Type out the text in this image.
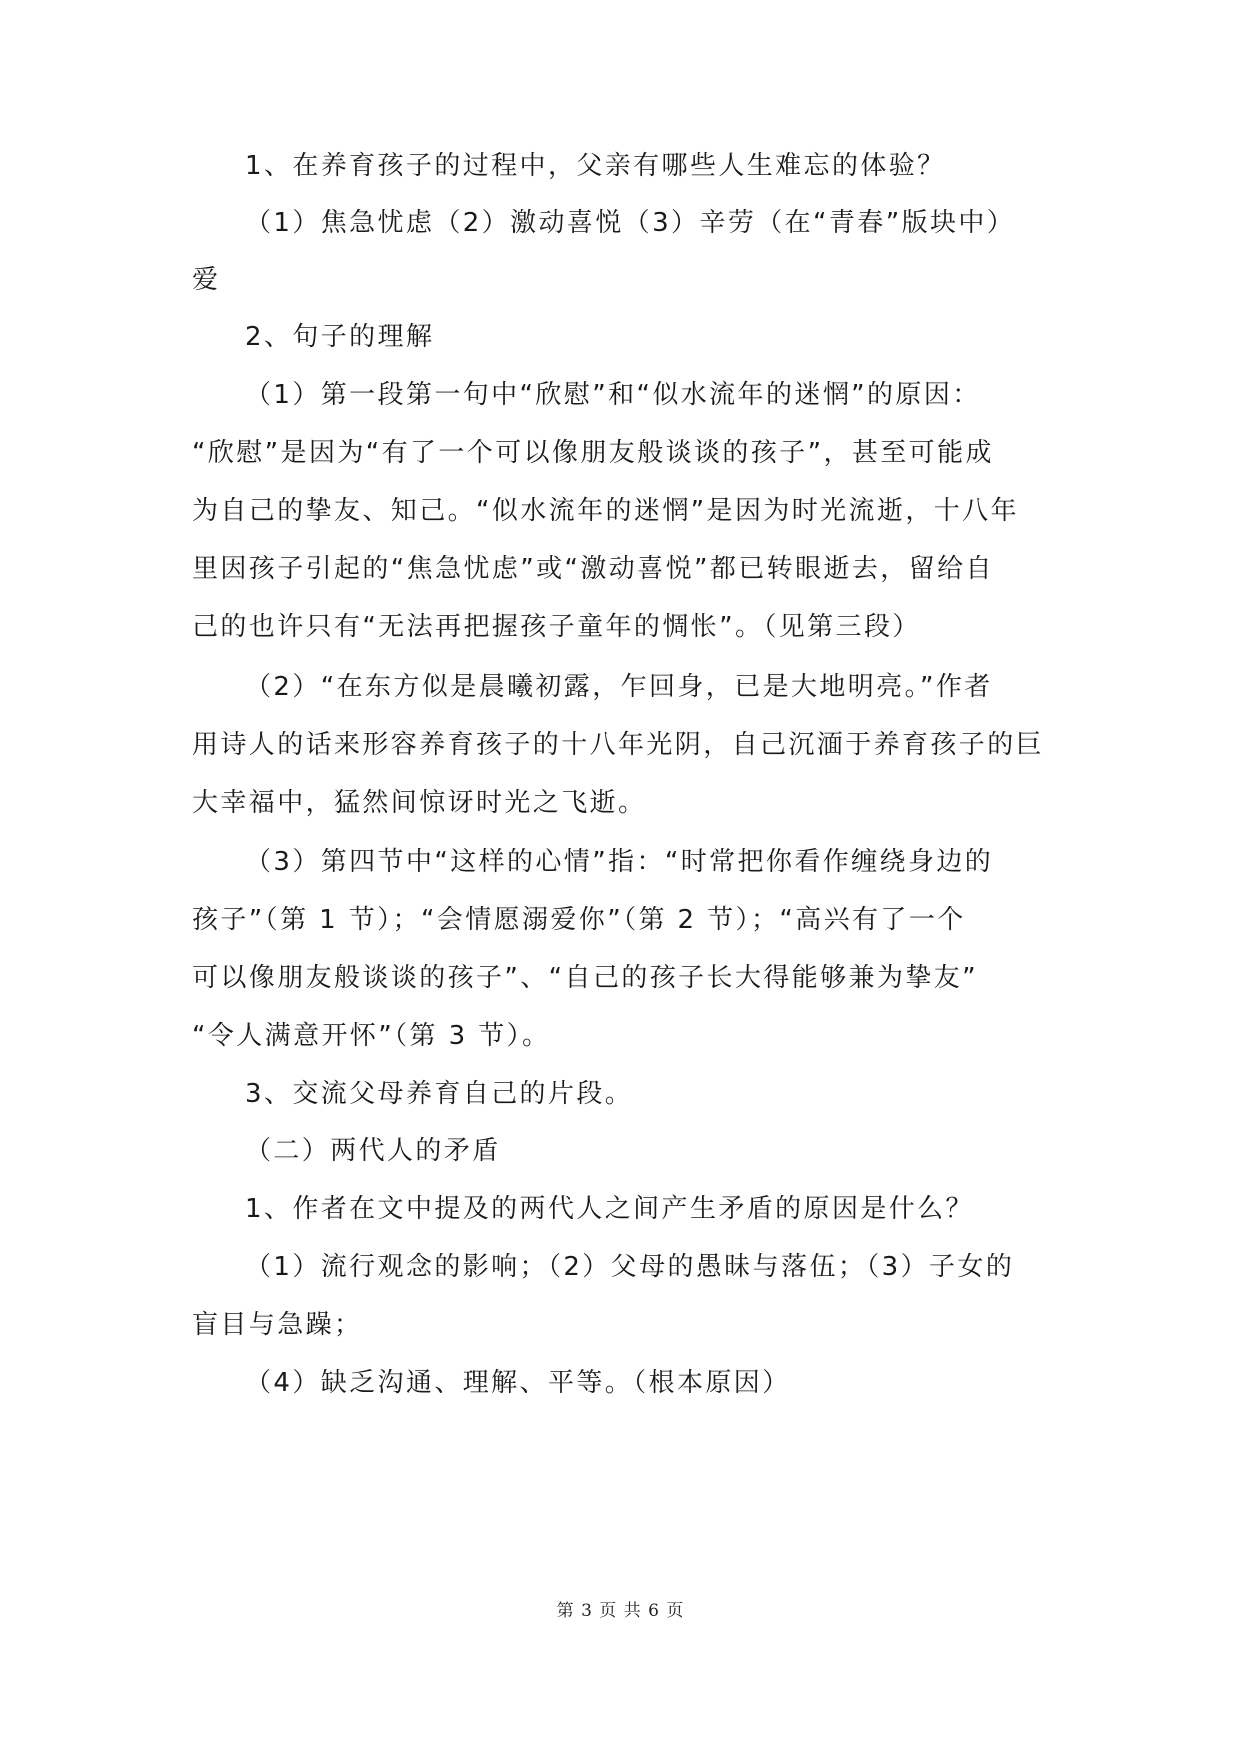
1、在养育孩子的过程中，父亲有哪些人生难忘的体验？
（1）焦急忧虑（2）激动喜悦（3）辛劳（在“青春”版块中）
爱
2、句子的理解
（1）第一段第一句中“欣慰”和“似水流年的迷惘”的原因：
“欣慰”是因为“有了一个可以像朋友般谈谈的孩子”，甚至可能成
为自己的挚友、知己。“似水流年的迷惘”是因为时光流逝，十八年
里因孩子引起的“焦急忧虑”或“激动喜悦”都已转眼逝去，留给自
己的也许只有“无法再把握孩子童年的惆怅”。（见第三段）
（2）“在东方似是晨曦初露，乍回身，已是大地明亮。”作者
用诗人的话来形容养育孩子的十八年光阴，自己沉湎于养育孩子的巨
大幸福中，猛然间惊讶时光之飞逝。
（3）第四节中“这样的心情”指：“时常把你看作缠绕身边的
孩子”（第 1 节）；“会情愿溺爱你”（第 2 节）；“高兴有了一个
可以像朋友般谈谈的孩子”、“自己的孩子长大得能够兼为挚友”
“令人满意开怀”（第 3 节）。
3、交流父母养育自己的片段。
（二）两代人的矛盾
1、作者在文中提及的两代人之间产生矛盾的原因是什么？
（1）流行观念的影响；（2）父母的愚昧与落伍；（3）子女的
盲目与急躁；
（4）缺乏沟通、理解、平等。（根本原因）
第 3 页 共 6 页
